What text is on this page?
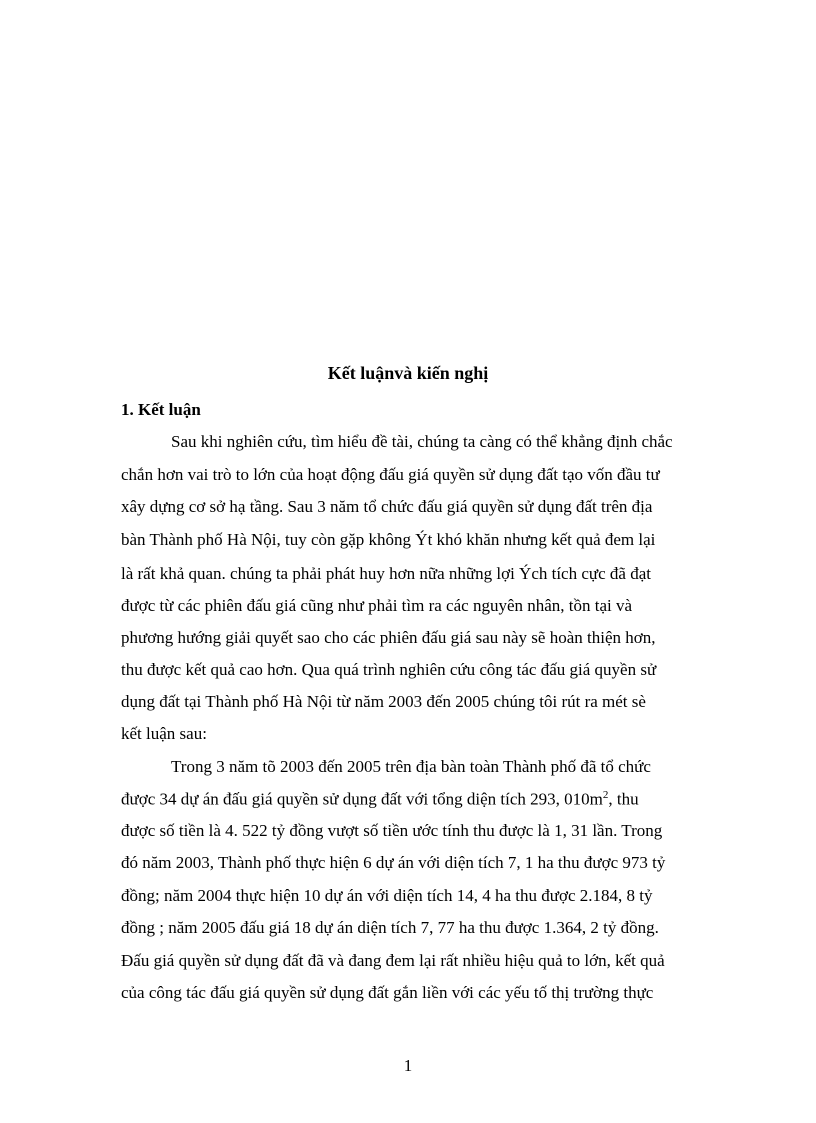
Kết luậnvà kiến nghị
1. Kết luận
Sau khi nghiên cứu, tìm hiểu đề tài, chúng ta càng có thể khẳng định chắc
chắn hơn vai trò to lớn của hoạt động đấu giá quyền sử dụng đất tạo vốn đầu tư
xây dựng cơ sở hạ tầng. Sau 3 năm tổ chức đấu giá quyền sử dụng đất trên địa
bàn Thành phố Hà Nội, tuy còn gặp không Ýt khó khăn nhưng kết quả đem lại
là rất khả quan. chúng ta phải phát huy hơn nữa những lợi Ých tích cực đã đạt
được từ các phiên đấu giá cũng như phải tìm ra các nguyên nhân, tồn tại và
phương hướng giải quyết sao cho các phiên đấu giá sau này sẽ hoàn thiện hơn,
thu được kết quả cao hơn. Qua quá trình nghiên cứu công tác đấu giá quyền sử
dụng đất tại Thành phố Hà Nội từ năm 2003 đến 2005 chúng tôi rút ra mét sè
kết luận sau:
Trong 3 năm tõ 2003 đến 2005 trên địa bàn toàn Thành phố đã tổ chức
được 34 dự án đấu giá quyền sử dụng đất với tổng diện tích 293, $010m^2$, thu
được số tiền là 4. 522 tỷ đồng vượt số tiền ước tính thu được là 1, 31 lần. Trong
đó năm 2003, Thành phố thực hiện 6 dự án với diện tích 7, 1 ha thu được 973 tỷ
đồng; năm 2004 thực hiện 10 dự án với diện tích 14, 4 ha thu được 2.184, 8 tỷ
đồng ; năm 2005 đấu giá 18 dự án diện tích 7, 77 ha thu được 1.364, 2 tỷ đồng.
Đấu giá quyền sử dụng đất đã và đang đem lại rất nhiều hiệu quả to lớn, kết quả
của công tác đấu giá quyền sử dụng đất gắn liền với các yếu tố thị trường thực
1
